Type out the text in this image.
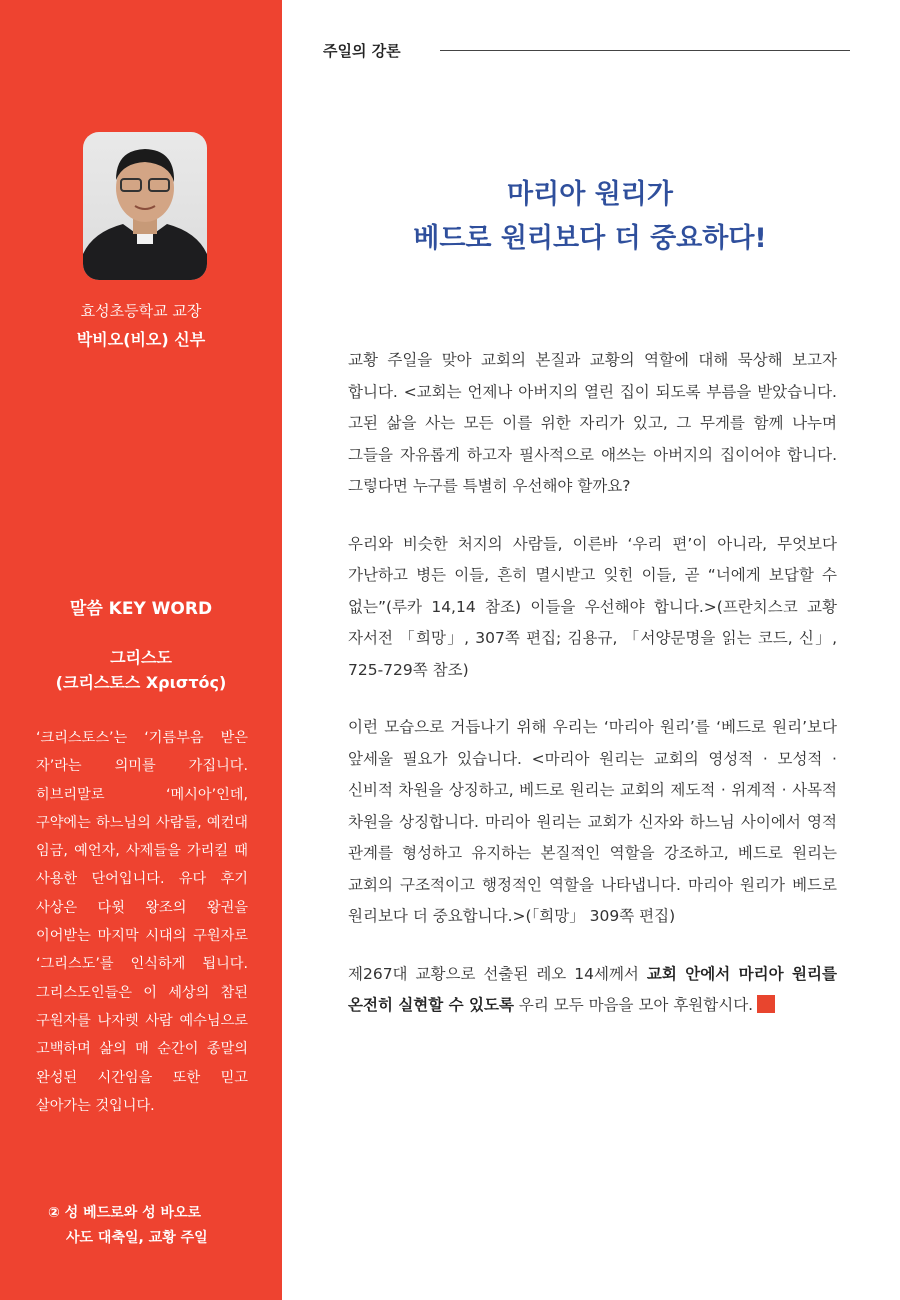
효성초등학교 교장
박비오(비오) 신부
말씀 KEY WORD
그리스도
(크리스토스 Χριστός)
‘크리스토스’는 ‘기름부음 받은 자’라는 의미를 가집니다. 히브리말로 ‘메시아’인데, 구약에는 하느님의 사람들, 예컨대 임금, 예언자, 사제들을 가리킬 때 사용한 단어입니다. 유다 후기 사상은 다윗 왕조의 왕권을 이어받는 마지막 시대의 구원자로 ‘그리스도’를 인식하게 됩니다. 그리스도인들은 이 세상의 참된 구원자를 나자렛 사람 예수님으로 고백하며 삶의 매 순간이 종말의 완성된 시간임을 또한 믿고 살아가는 것입니다.
② 성 베드로와 성 바오로
사도 대축일, 교황 주일
주일의 강론
마리아 원리가
베드로 원리보다 더 중요하다!

교황 주일을 맞아 교회의 본질과 교황의 역할에 대해 묵상해 보고자 합니다. <교회는 언제나 아버지의 열린 집이 되도록 부름을 받았습니다. 고된 삶을 사는 모든 이를 위한 자리가 있고, 그 무게를 함께 나누며 그들을 자유롭게 하고자 필사적으로 애쓰는 아버지의 집이어야 합니다. 그렇다면 누구를 특별히 우선해야 할까요?

우리와 비슷한 처지의 사람들, 이른바 ‘우리 편’이 아니라, 무엇보다 가난하고 병든 이들, 흔히 멸시받고 잊힌 이들, 곧 “너에게 보답할 수 없는”(루카 14,14 참조) 이들을 우선해야 합니다.>(프란치스코 교황 자서전 「희망」, 307쪽 편집; 김용규, 「서양문명을 읽는 코드, 신」, 725-729쪽 참조)

이런 모습으로 거듭나기 위해 우리는 ‘마리아 원리’를 ‘베드로 원리’보다 앞세울 필요가 있습니다. <마리아 원리는 교회의 영성적 · 모성적 · 신비적 차원을 상징하고, 베드로 원리는 교회의 제도적 · 위계적 · 사목적 차원을 상징합니다. 마리아 원리는 교회가 신자와 하느님 사이에서 영적 관계를 형성하고 유지하는 본질적인 역할을 강조하고, 베드로 원리는 교회의 구조적이고 행정적인 역할을 나타냅니다. 마리아 원리가 베드로 원리보다 더 중요합니다.>(「희망」 309쪽 편집)

제267대 교황으로 선출된 레오 14세께서 교회 안에서 마리아 원리를 온전히 실현할 수 있도록 우리 모두 마음을 모아 후원합시다.
